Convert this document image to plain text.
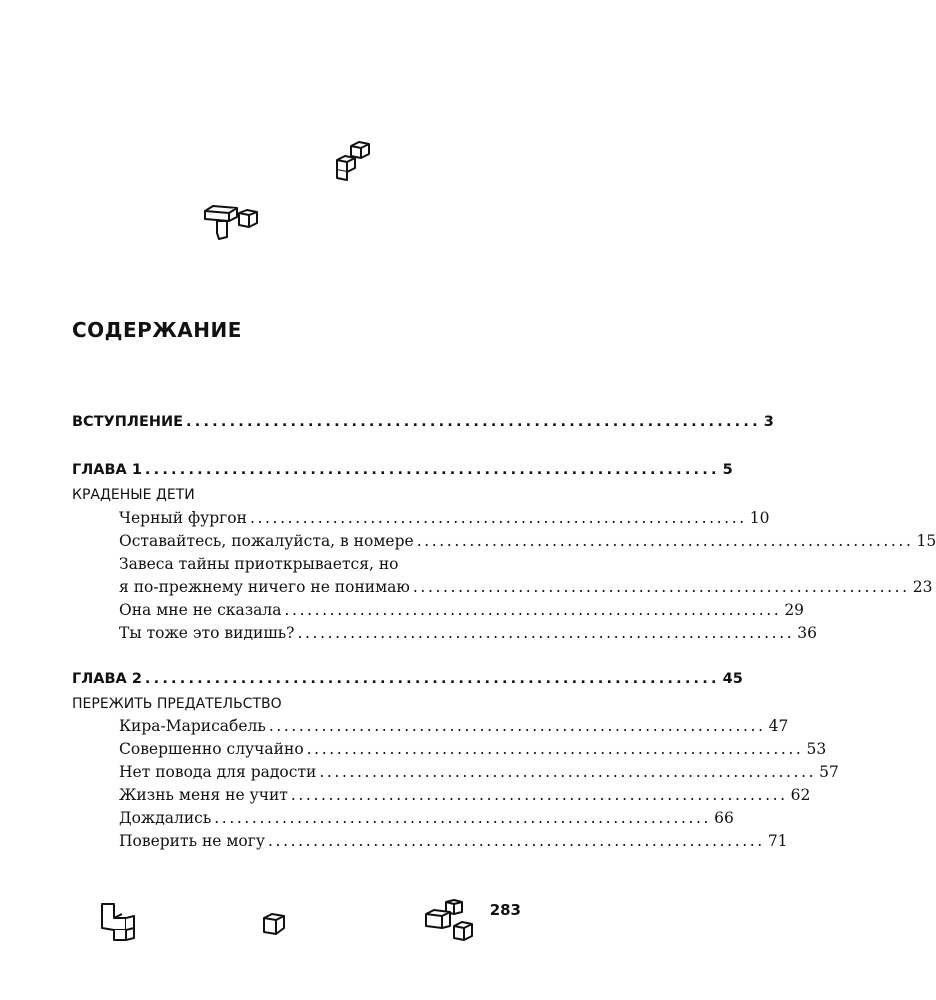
СОДЕРЖАНИЕ
ВСТУПЛЕНИЕ .................................................................. 3
ГЛАВА 1 .................................................................. 5
КРАДЕНЫЕ ДЕТИ
Черный фургон .................................................................. 10
Оставайтесь, пожалуйста, в номере .................................................................. 15
Завеса тайны приоткрывается, но
я по-прежнему ничего не понимаю .................................................................. 23
Она мне не сказала .................................................................. 29
Ты тоже это видишь? .................................................................. 36
ГЛАВА 2 .................................................................. 45
ПЕРЕЖИТЬ ПРЕДАТЕЛЬСТВО
Кира-Марисабель .................................................................. 47
Совершенно случайно .................................................................. 53
Нет повода для радости .................................................................. 57
Жизнь меня не учит .................................................................. 62
Дождались .................................................................. 66
Поверить не могу .................................................................. 71
283
